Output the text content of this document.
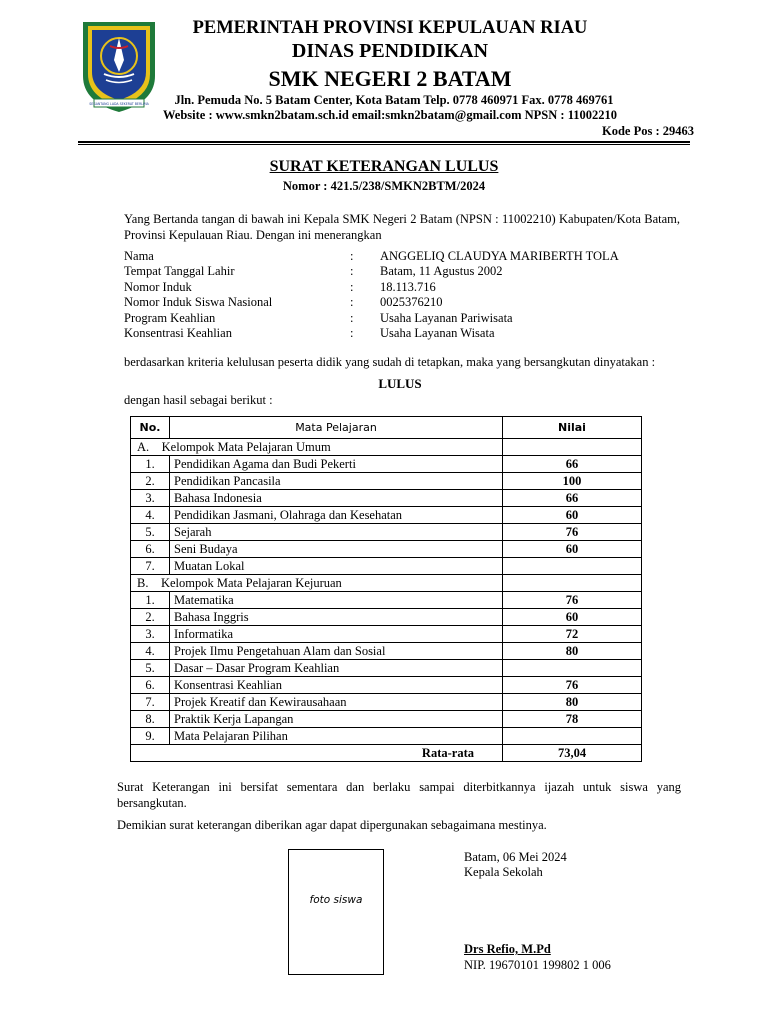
SEGANTANG LADA SEKERAT BERLIMA
PEMERINTAH PROVINSI KEPULAUAN RIAU
DINAS PENDIDIKAN
SMK NEGERI 2 BATAM
Jln. Pemuda No. 5 Batam Center, Kota Batam Telp. 0778 460971 Fax. 0778 469761
Website : www.smkn2batam.sch.id email:smkn2batam@gmail.com NPSN : 11002210
Kode Pos : 29463
SURAT KETERANGAN LULUS
Nomor : 421.5/238/SMKN2BTM/2024
Yang Bertanda tangan di bawah ini Kepala SMK Negeri 2 Batam (NPSN : 11002210) Kabupaten/Kota Batam, Provinsi Kepulauan Riau. Dengan ini menerangkan
Nama	: ANGGELIQ CLAUDYA MARIBERTH TOLA
Tempat Tanggal Lahir	: Batam, 11 Agustus 2002
Nomor Induk	: 18.113.716
Nomor Induk Siswa Nasional	: 0025376210
Program Keahlian	: Usaha Layanan Pariwisata
Konsentrasi Keahlian	: Usaha Layanan Wisata
berdasarkan kriteria kelulusan peserta didik yang sudah di tetapkan, maka yang bersangkutan dinyatakan :
LULUS
dengan hasil sebagai berikut :
No.	Mata Pelajaran	Nilai
A.    Kelompok Mata Pelajaran Umum		
1.	Pendidikan Agama dan Budi Pekerti	66
2.	Pendidikan Pancasila	100
3.	Bahasa Indonesia	66
4.	Pendidikan Jasmani, Olahraga dan Kesehatan	60
5.	Sejarah	76
6.	Seni Budaya	60
7.	Muatan Lokal	
B.    Kelompok Mata Pelajaran Kejuruan		
1.	Matematika	76
2.	Bahasa Inggris	60
3.	Informatika	72
4.	Projek Ilmu Pengetahuan Alam dan Sosial	80
5.	Dasar – Dasar Program Keahlian	
6.	Konsentrasi Keahlian	76
7.	Projek Kreatif dan Kewirausahaan	80
8.	Praktik Kerja Lapangan	78
9.	Mata Pelajaran Pilihan	
Rata-rata		73,04
Surat Keterangan ini bersifat sementara dan berlaku sampai diterbitkannya ijazah untuk siswa yang bersangkutan.
Demikian surat keterangan diberikan agar dapat dipergunakan sebagaimana mestinya.
foto siswa
Batam, 06 Mei 2024
Kepala Sekolah
Drs Refio, M.Pd
NIP. 19670101 199802 1 006
